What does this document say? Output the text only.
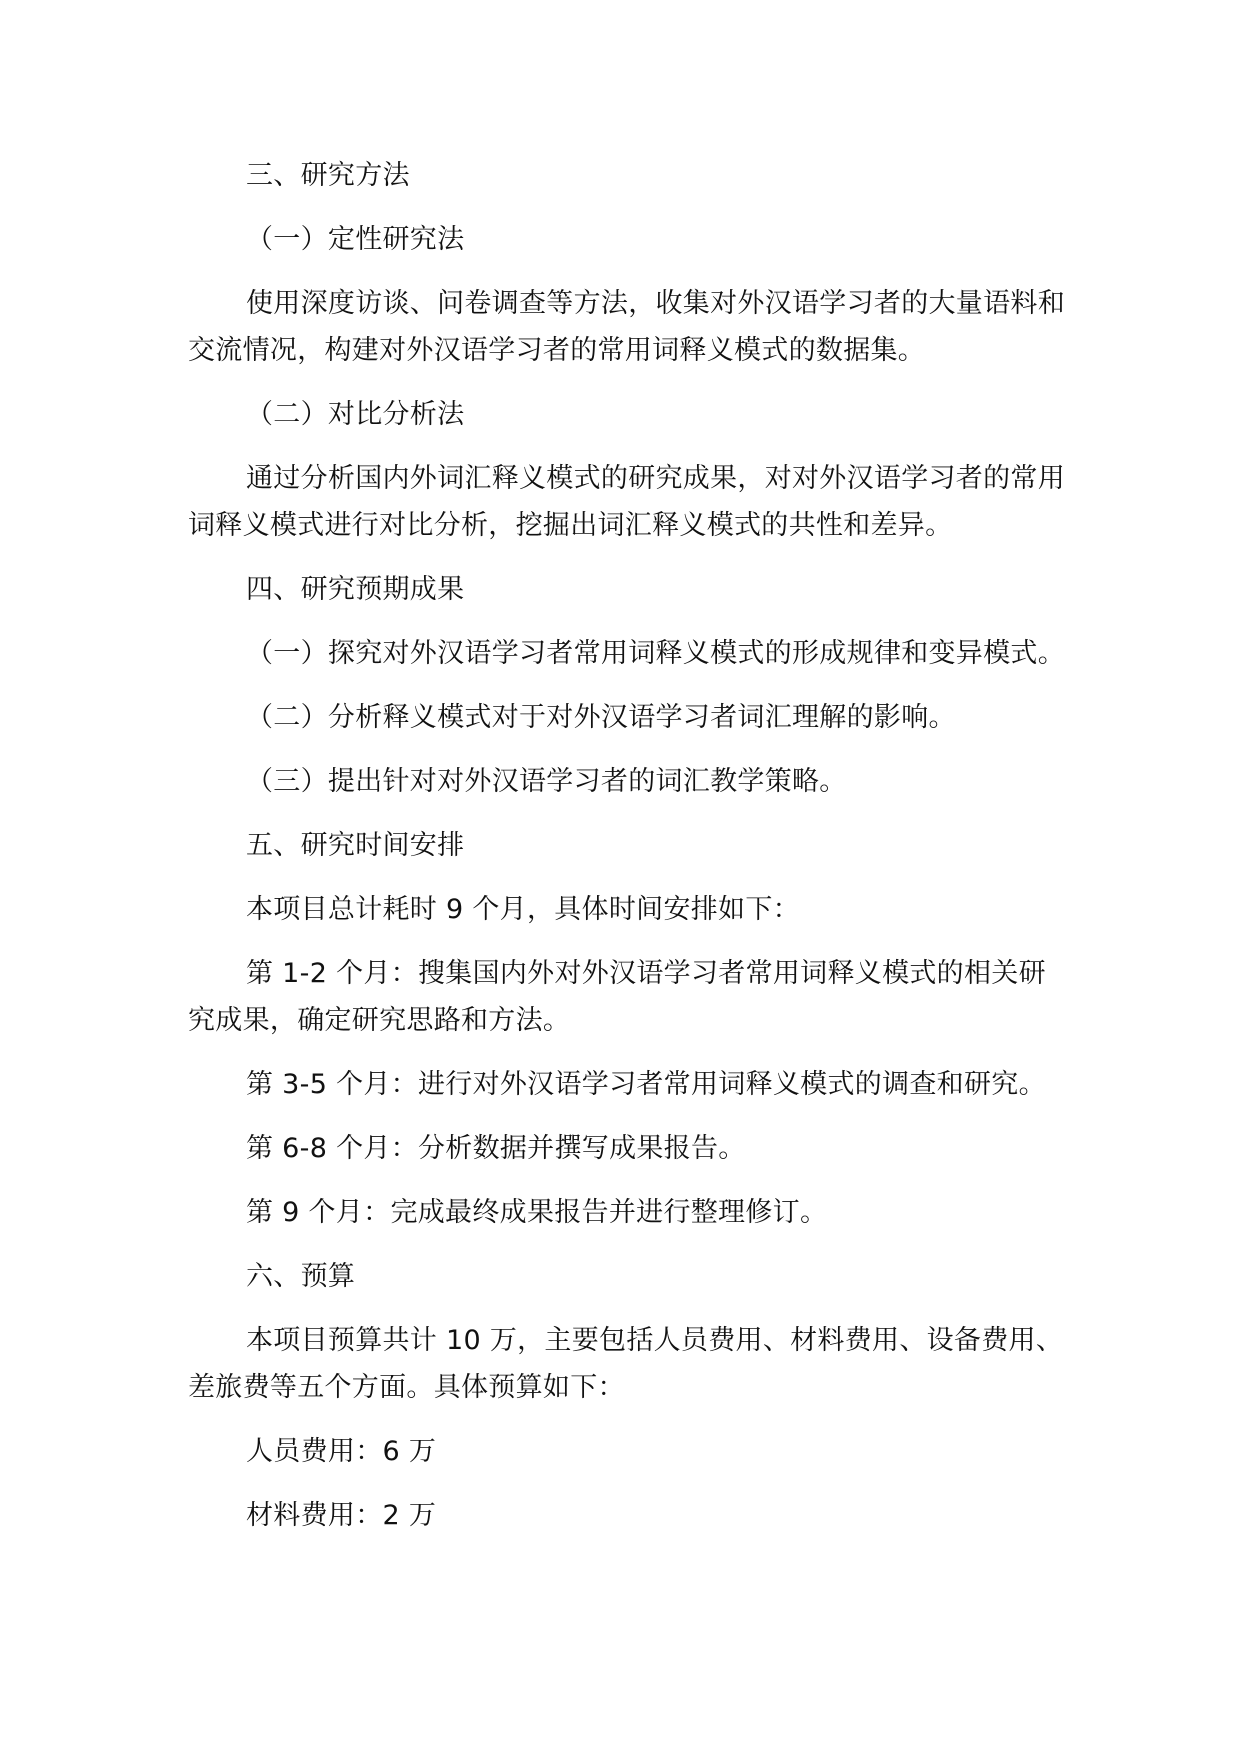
三、研究方法

（一）定性研究法

使用深度访谈、问卷调查等方法，收集对外汉语学习者的大量语料和交流情况，构建对外汉语学习者的常用词释义模式的数据集。

（二）对比分析法

通过分析国内外词汇释义模式的研究成果，对对外汉语学习者的常用词释义模式进行对比分析，挖掘出词汇释义模式的共性和差异。

四、研究预期成果

（一）探究对外汉语学习者常用词释义模式的形成规律和变异模式。

（二）分析释义模式对于对外汉语学习者词汇理解的影响。

（三）提出针对对外汉语学习者的词汇教学策略。

五、研究时间安排

本项目总计耗时 9 个月，具体时间安排如下：

第 1-2 个月：搜集国内外对外汉语学习者常用词释义模式的相关研究成果，确定研究思路和方法。

第 3-5 个月：进行对外汉语学习者常用词释义模式的调查和研究。

第 6-8 个月：分析数据并撰写成果报告。

第 9 个月：完成最终成果报告并进行整理修订。

六、预算

本项目预算共计 10 万，主要包括人员费用、材料费用、设备费用、差旅费等五个方面。具体预算如下：

人员费用：6 万

材料费用：2 万
